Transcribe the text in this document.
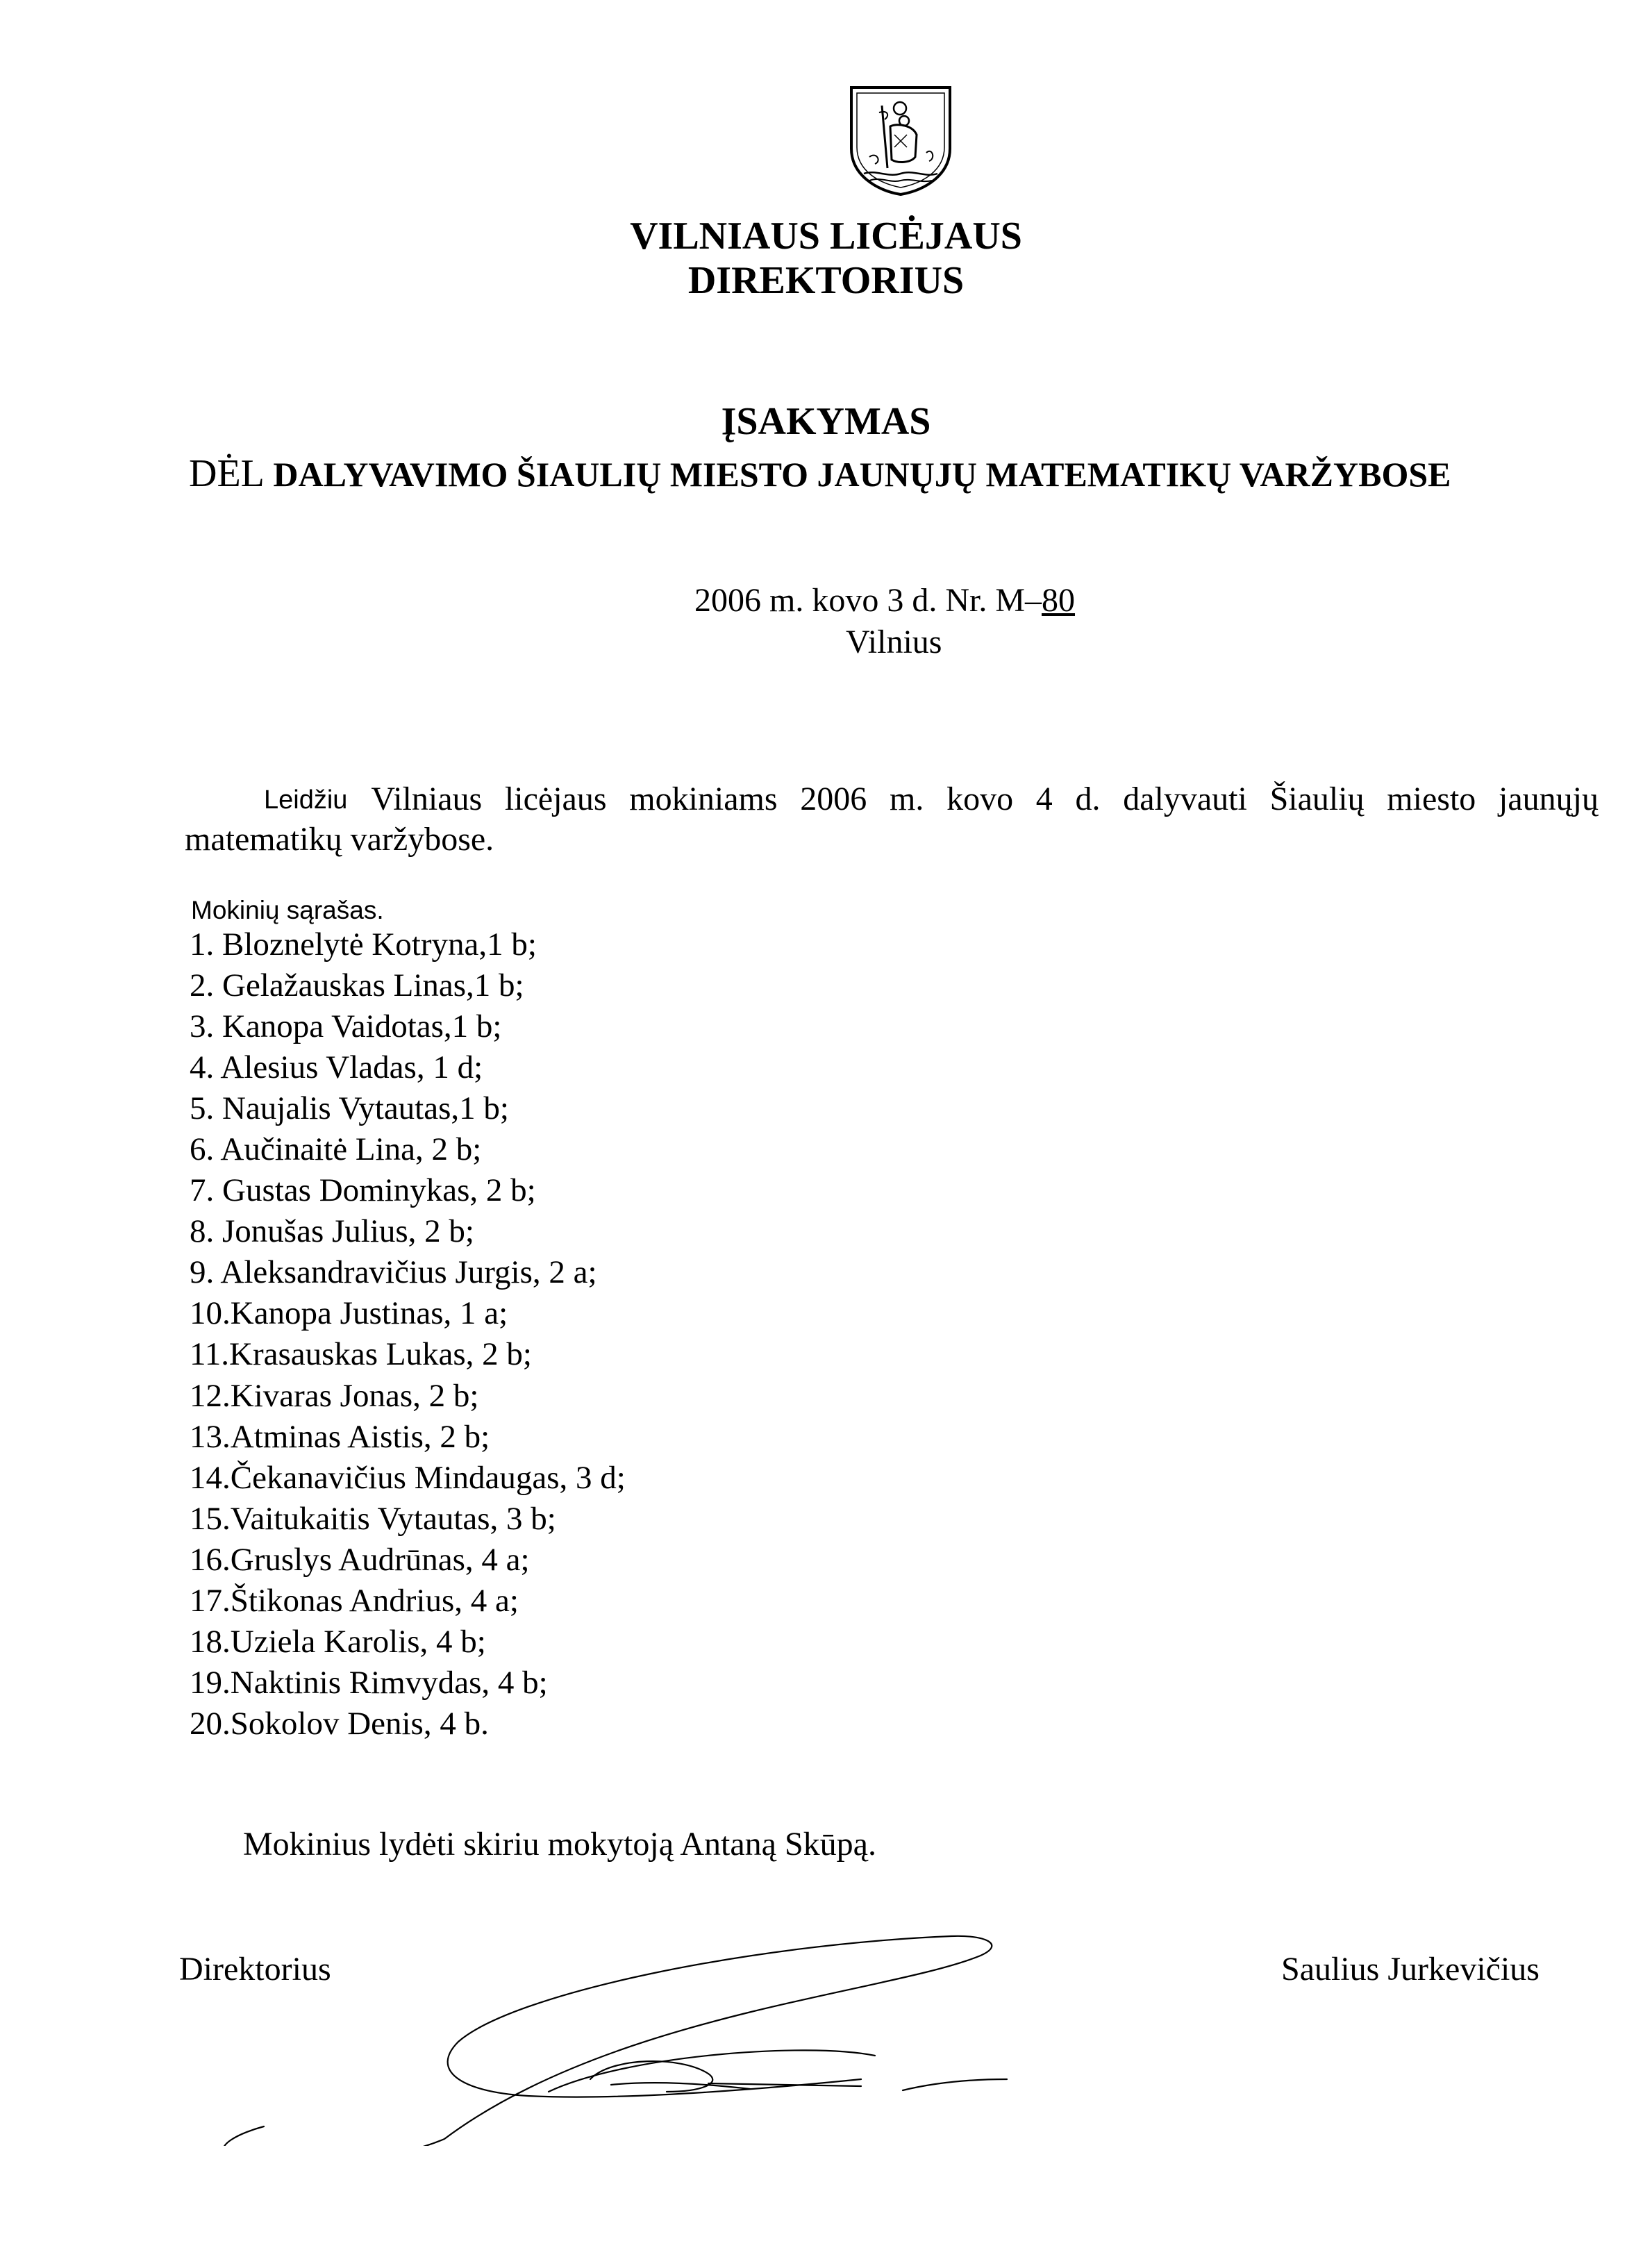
VILNIAUS LICĖJAUS
DIREKTORIUS
ĮSAKYMAS
DĖL DALYVAVIMO ŠIAULIŲ MIESTO JAUNŲJŲ MATEMATIKŲ VARŽYBOSE
2006 m. kovo 3 d. Nr. M–80
Vilnius
Leidžiu Vilniaus licėjaus mokiniams 2006 m. kovo 4 d. dalyvauti Šiaulių miesto jaunųjų
matematikų varžybose.
Mokinių sąrašas.
1. Bloznelytė Kotryna,1 b;
2. Gelažauskas Linas,1 b;
3. Kanopa Vaidotas,1 b;
4. Alesius Vladas, 1 d;
5. Naujalis Vytautas,1 b;
6. Aučinaitė Lina, 2 b;
7. Gustas Dominykas, 2 b;
8. Jonušas Julius, 2 b;
9. Aleksandravičius Jurgis, 2 a;
10.Kanopa Justinas, 1 a;
11.Krasauskas Lukas, 2 b;
12.Kivaras Jonas, 2 b;
13.Atminas Aistis, 2 b;
14.Čekanavičius Mindaugas, 3 d;
15.Vaitukaitis Vytautas, 3 b;
16.Gruslys Audrūnas, 4 a;
17.Štikonas Andrius, 4 a;
18.Uziela Karolis, 4 b;
19.Naktinis Rimvydas, 4 b;
20.Sokolov Denis, 4 b.
Mokinius lydėti skiriu mokytoją Antaną Skūpą.
Direktorius	Saulius Jurkevičius
